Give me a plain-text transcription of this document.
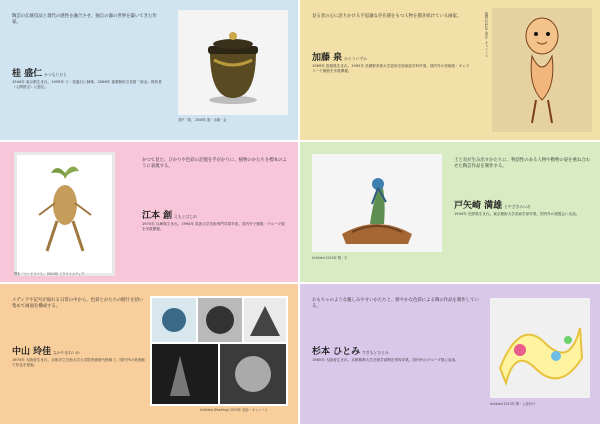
陶芸の伝統技法と現代の感性を融合させ、独自の器の世界を築いてきた作家。
桂 盛仁 かつもりひと
1944年 東京都生まれ。1959年 父・桂盛行に師事。2008年 重要無形文化財「彫金」保持者（人間国宝）に認定。
香炉「蓮」 2006年 銀・赤銅・金
見る者の心に語りかける不思議な存在感をもつ人物を描き続けている画家。
加藤 泉 かとういずみ
1969年 島根県生まれ。1992年 武蔵野美術大学造形学部油絵学科卒業。国内外の美術館・ギャラリーで個展を多数開催。
無題 2012年 油彩・キャンバス
かつて見た、ひかりや色彩の記憶を手がかりに、植物のかたちを標本のように表現する。
江本 創 えもとはじめ
1970年 兵庫県生まれ。1994年 筑波大学芸術専門学群卒業。国内外で個展・グループ展を多数開催。
標本「マンドラゴラ」 2011年 ミクストメディア
土と炎が生み出すかたちに、物語性のある人物や動物の姿を重ね合わせた陶芸作品を制作する。
戸矢崎 満雄 とやざきみつお
1954年 長野県生まれ。東京藝術大学美術学部卒業。国内外の展覧会に出品。
Untitled 2010年 陶・木
メディアや記号が溢れる日常の中から、色彩とかたちの断片を拾い集めて画面を構成する。
中山 玲佳 なかやまれいか
1974年 大阪府生まれ。京都市立芸術大学大学院美術研究科修了。国内外の美術館で作品を発表。
Untitled (Painting) 2013年 油彩・キャンバス
おもちゃのような親しみやすいかたちと、鮮やかな色彩による陶の作品を制作している。
杉本 ひとみ すぎもとひとみ
1985年 大阪府生まれ。京都精華大学芸術学部陶芸専攻卒業。国内外のグループ展に参加。
Untitled 2013年 陶・上絵付け
